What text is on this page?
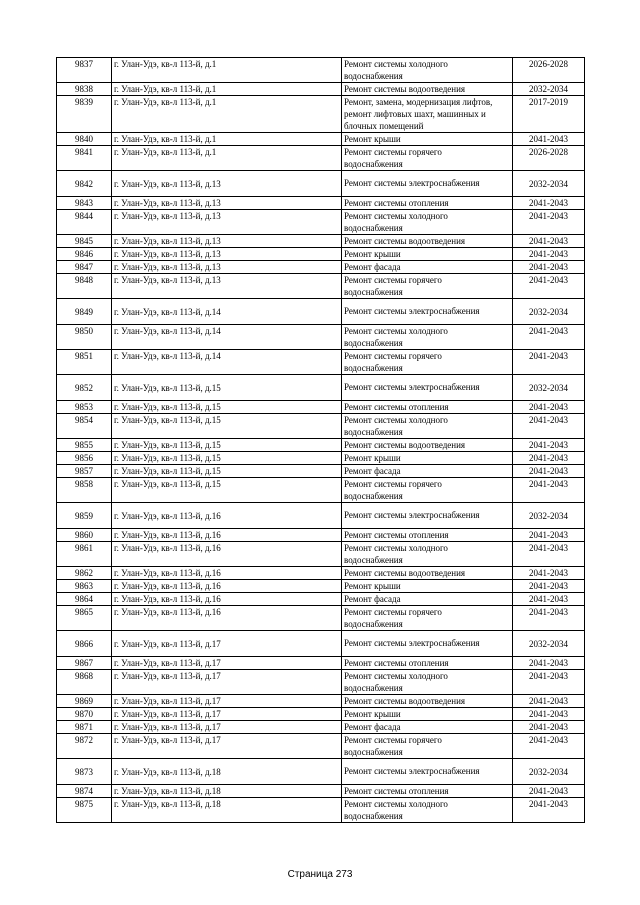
9837	г. Улан-Удэ, кв-л 113-й, д.1	Ремонт системы холодного
водоснабжения	2026-2028
9838	г. Улан-Удэ, кв-л 113-й, д.1	Ремонт системы водоотведения	2032-2034
9839	г. Улан-Удэ, кв-л 113-й, д.1	Ремонт, замена, модернизация лифтов,
ремонт лифтовых шахт, машинных и
блочных помещений	2017-2019
9840	г. Улан-Удэ, кв-л 113-й, д.1	Ремонт крыши	2041-2043
9841	г. Улан-Удэ, кв-л 113-й, д.1	Ремонт системы горячего
водоснабжения	2026-2028
9842	г. Улан-Удэ, кв-л 113-й, д.13	Ремонт системы электроснабжения	2032-2034
9843	г. Улан-Удэ, кв-л 113-й, д.13	Ремонт системы отопления	2041-2043
9844	г. Улан-Удэ, кв-л 113-й, д.13	Ремонт системы холодного
водоснабжения	2041-2043
9845	г. Улан-Удэ, кв-л 113-й, д.13	Ремонт системы водоотведения	2041-2043
9846	г. Улан-Удэ, кв-л 113-й, д.13	Ремонт крыши	2041-2043
9847	г. Улан-Удэ, кв-л 113-й, д.13	Ремонт фасада	2041-2043
9848	г. Улан-Удэ, кв-л 113-й, д.13	Ремонт системы горячего
водоснабжения	2041-2043
9849	г. Улан-Удэ, кв-л 113-й, д.14	Ремонт системы электроснабжения	2032-2034
9850	г. Улан-Удэ, кв-л 113-й, д.14	Ремонт системы холодного
водоснабжения	2041-2043
9851	г. Улан-Удэ, кв-л 113-й, д.14	Ремонт системы горячего
водоснабжения	2041-2043
9852	г. Улан-Удэ, кв-л 113-й, д.15	Ремонт системы электроснабжения	2032-2034
9853	г. Улан-Удэ, кв-л 113-й, д.15	Ремонт системы отопления	2041-2043
9854	г. Улан-Удэ, кв-л 113-й, д.15	Ремонт системы холодного
водоснабжения	2041-2043
9855	г. Улан-Удэ, кв-л 113-й, д.15	Ремонт системы водоотведения	2041-2043
9856	г. Улан-Удэ, кв-л 113-й, д.15	Ремонт крыши	2041-2043
9857	г. Улан-Удэ, кв-л 113-й, д.15	Ремонт фасада	2041-2043
9858	г. Улан-Удэ, кв-л 113-й, д.15	Ремонт системы горячего
водоснабжения	2041-2043
9859	г. Улан-Удэ, кв-л 113-й, д.16	Ремонт системы электроснабжения	2032-2034
9860	г. Улан-Удэ, кв-л 113-й, д.16	Ремонт системы отопления	2041-2043
9861	г. Улан-Удэ, кв-л 113-й, д.16	Ремонт системы холодного
водоснабжения	2041-2043
9862	г. Улан-Удэ, кв-л 113-й, д.16	Ремонт системы водоотведения	2041-2043
9863	г. Улан-Удэ, кв-л 113-й, д.16	Ремонт крыши	2041-2043
9864	г. Улан-Удэ, кв-л 113-й, д.16	Ремонт фасада	2041-2043
9865	г. Улан-Удэ, кв-л 113-й, д.16	Ремонт системы горячего
водоснабжения	2041-2043
9866	г. Улан-Удэ, кв-л 113-й, д.17	Ремонт системы электроснабжения	2032-2034
9867	г. Улан-Удэ, кв-л 113-й, д.17	Ремонт системы отопления	2041-2043
9868	г. Улан-Удэ, кв-л 113-й, д.17	Ремонт системы холодного
водоснабжения	2041-2043
9869	г. Улан-Удэ, кв-л 113-й, д.17	Ремонт системы водоотведения	2041-2043
9870	г. Улан-Удэ, кв-л 113-й, д.17	Ремонт крыши	2041-2043
9871	г. Улан-Удэ, кв-л 113-й, д.17	Ремонт фасада	2041-2043
9872	г. Улан-Удэ, кв-л 113-й, д.17	Ремонт системы горячего
водоснабжения	2041-2043
9873	г. Улан-Удэ, кв-л 113-й, д.18	Ремонт системы электроснабжения	2032-2034
9874	г. Улан-Удэ, кв-л 113-й, д.18	Ремонт системы отопления	2041-2043
9875	г. Улан-Удэ, кв-л 113-й, д.18	Ремонт системы холодного
водоснабжения	2041-2043
Страница 273
